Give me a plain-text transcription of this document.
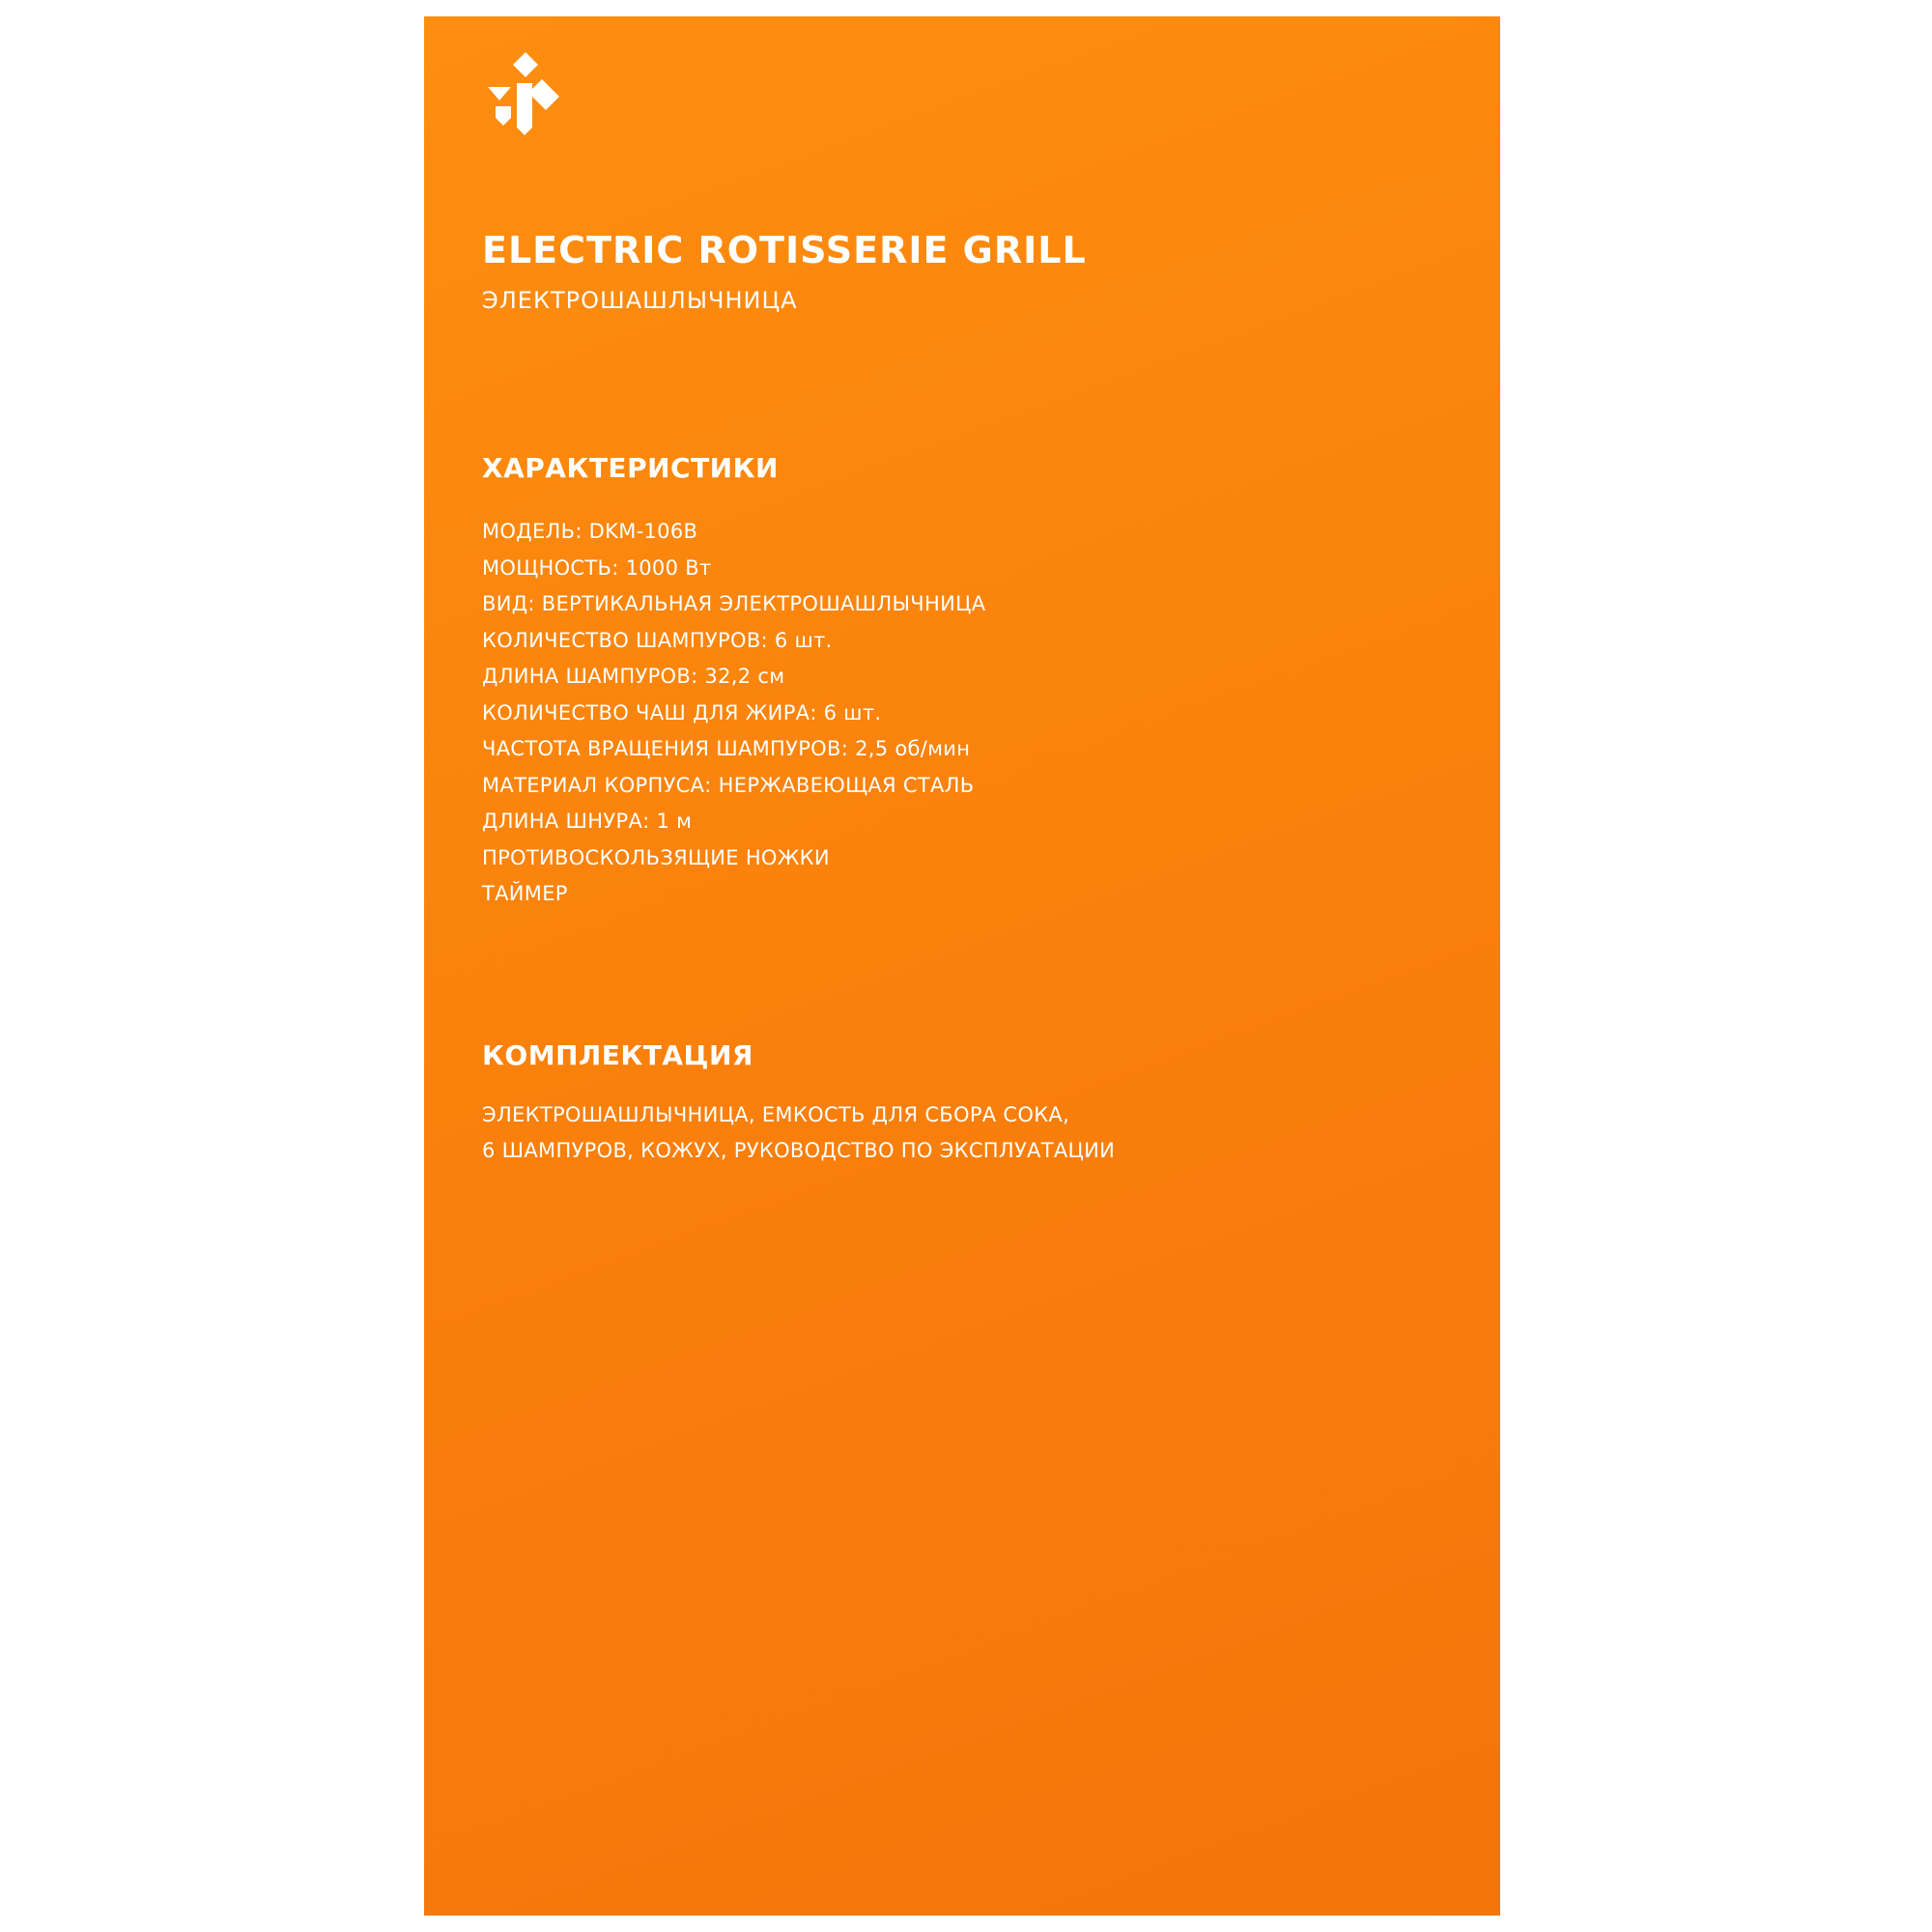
ELECTRIC ROTISSERIE GRILL
ЭЛЕКТРОШАШЛЫЧНИЦА
ХАРАКТЕРИСТИКИ
МОДЕЛЬ: DKM-106B
МОЩНОСТЬ: 1000 Вт
ВИД: ВЕРТИКАЛЬНАЯ ЭЛЕКТРОШАШЛЫЧНИЦА
КОЛИЧЕСТВО ШАМПУРОВ: 6 шт.
ДЛИНА ШАМПУРОВ: 32,2 см
КОЛИЧЕСТВО ЧАШ ДЛЯ ЖИРА: 6 шт.
ЧАСТОТА ВРАЩЕНИЯ ШАМПУРОВ: 2,5 об/мин
МАТЕРИАЛ КОРПУСА: НЕРЖАВЕЮЩАЯ СТАЛЬ
ДЛИНА ШНУРА: 1 м
ПРОТИВОСКОЛЬЗЯЩИЕ НОЖКИ
ТАЙМЕР
КОМПЛЕКТАЦИЯ
ЭЛЕКТРОШАШЛЫЧНИЦА, ЕМКОСТЬ ДЛЯ СБОРА СОКА,
6 ШАМПУРОВ, КОЖУХ, РУКОВОДСТВО ПО ЭКСПЛУАТАЦИИ
